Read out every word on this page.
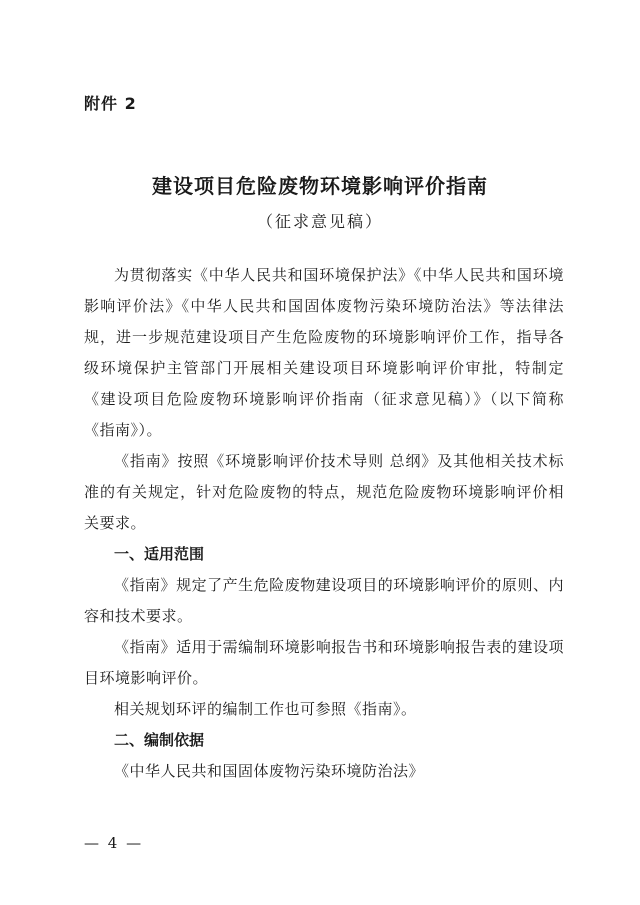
附件 2
建设项目危险废物环境影响评价指南
（征求意见稿）

为贯彻落实《中华人民共和国环境保护法》《中华人民共和国环境影响评价法》《中华人民共和国固体废物污染环境防治法》等法律法规，进一步规范建设项目产生危险废物的环境影响评价工作，指导各级环境保护主管部门开展相关建设项目环境影响评价审批，特制定《建设项目危险废物环境影响评价指南（征求意见稿）》（以下简称《指南》）。

《指南》按照《环境影响评价技术导则 总纲》及其他相关技术标准的有关规定，针对危险废物的特点，规范危险废物环境影响评价相关要求。

一、适用范围

《指南》规定了产生危险废物建设项目的环境影响评价的原则、内容和技术要求。

《指南》适用于需编制环境影响报告书和环境影响报告表的建设项目环境影响评价。

相关规划环评的编制工作也可参照《指南》。

二、编制依据

《中华人民共和国固体废物污染环境防治法》

— 4 —
